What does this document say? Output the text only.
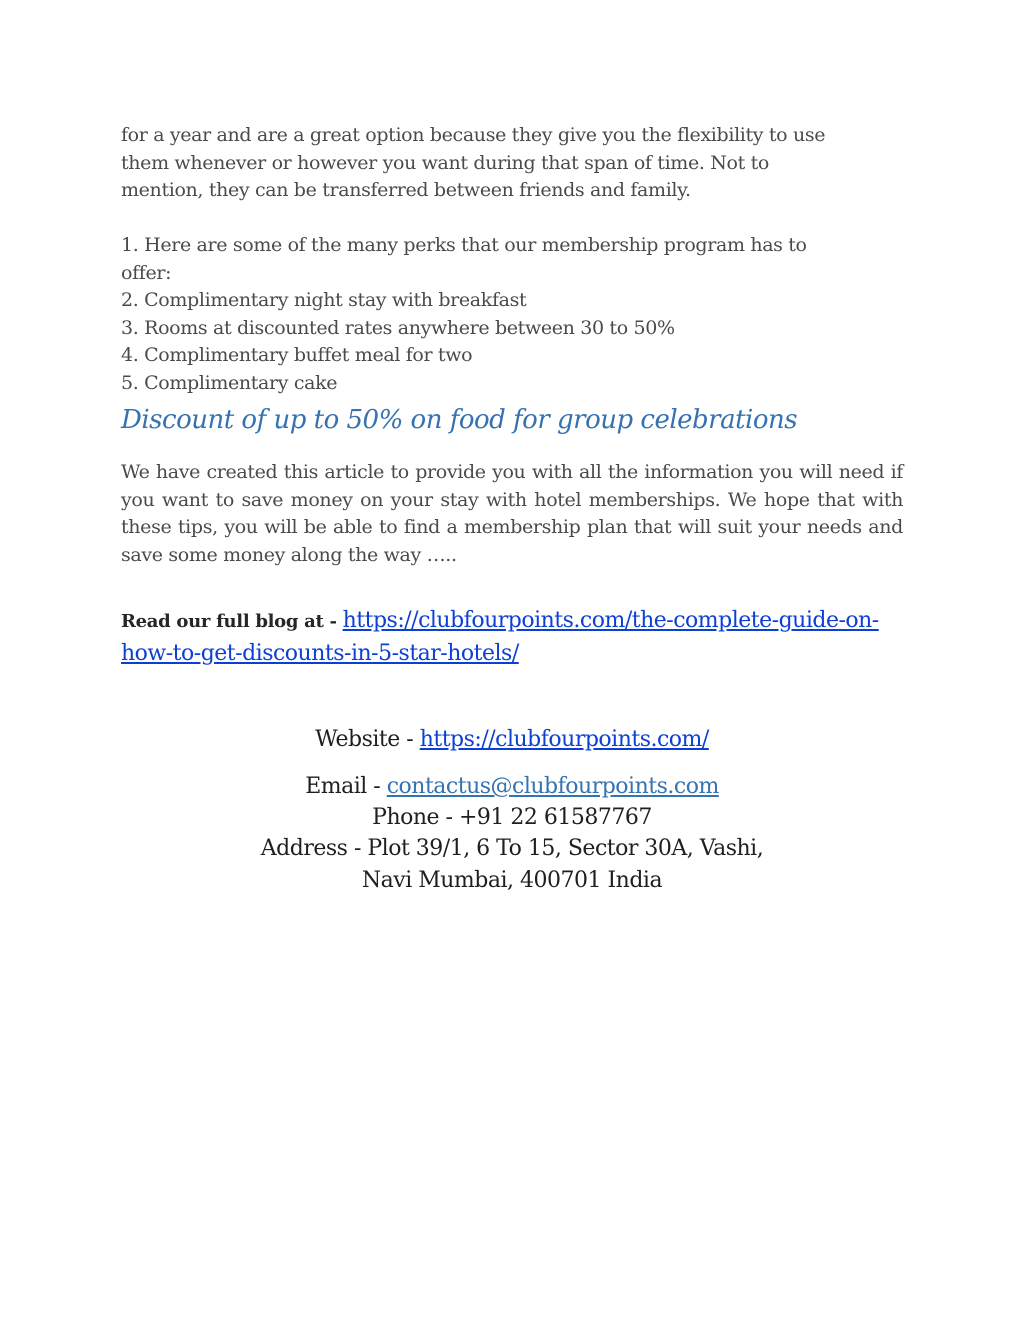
for a year and are a great option because they give you the flexibility to use
them whenever or however you want during that span of time. Not to
mention, they can be transferred between friends and family.

1. Here are some of the many perks that our membership program has to
offer:
2. Complimentary night stay with breakfast
3. Rooms at discounted rates anywhere between 30 to 50%
4. Complimentary buffet meal for two
5. Complimentary cake
Discount of up to 50% on food for group celebrations

We have created this article to provide you with all the information you will need if you want to save money on your stay with hotel memberships. We hope that with these tips, you will be able to find a membership plan that will suit your needs and save some money along the way …..

Read our full blog at - https://clubfourpoints.com/the-complete-guide-on-how-to-get-discounts-in-5-star-hotels/

Website - https://clubfourpoints.com/

Email - contactus@clubfourpoints.com

Phone - +91 22 61587767

Address - Plot 39/1, 6 To 15, Sector 30A, Vashi,

Navi Mumbai, 400701 India
